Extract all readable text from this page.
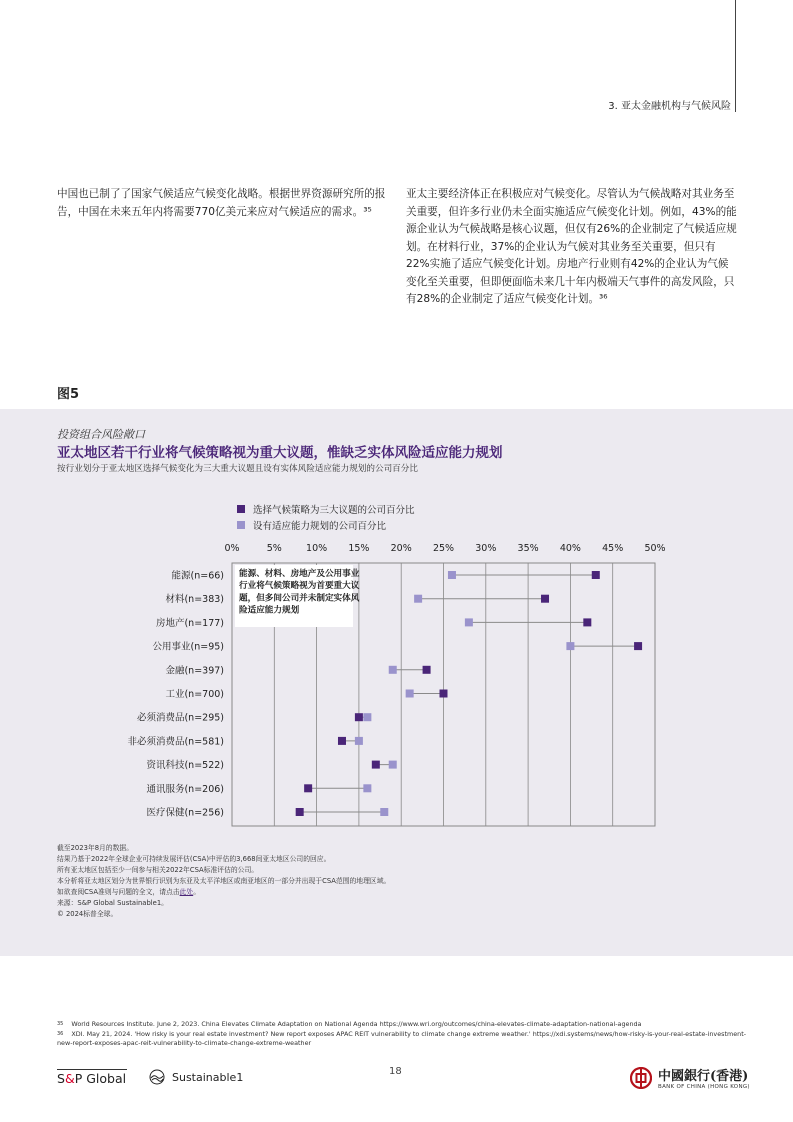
3. 亚太金融机构与气候风险
中国也已制了了国家气候适应气候变化战略。根据世界资源研究所的报告，中国在未来五年内将需要770亿美元来应对气候适应的需求。³⁵
亚太主要经济体正在积极应对气候变化。尽管认为气候战略对其业务至关重要，但许多行业仍未全面实施适应气候变化计划。例如，43%的能源企业认为气候战略是核心议题，但仅有26%的企业制定了气候适应规划。在材料行业，37%的企业认为气候对其业务至关重要，但只有22%实施了适应气候变化计划。房地产行业则有42%的企业认为气候变化至关重要，但即便面临未来几十年内极端天气事件的高发风险，只有28%的企业制定了适应气候变化计划。³⁶
图5
投资组合风险敞口
亚太地区若干行业将气候策略视为重大议题，惟缺乏实体风险适应能力规划
按行业划分于亚太地区选择气候变化为三大重大议题且设有实体风险适应能力规划的公司百分比
选择气候策略为三大议题的公司百分比
设有适应能力规划的公司百分比
0%	5%	10% 15% 20% 25% 30% 35% 40% 45% 50%
能源(n=66)
材料(n=383)
房地产(n=177)
公用事业(n=95)
金融(n=397)
工业(n=700)
必须消费品(n=295)
非必须消费品(n=581)
资讯科技(n=522)
通讯服务(n=206)
医疗保健(n=256)
能源、材料、房地产及公用事业
行业将气候策略视为首要重大议
题，但多间公司并未制定实体风
险适应能力规划
截至2023年8月的数据。
结果乃基于2022年全球企业可持续发展评估(CSA)中评估的3,668间亚太地区公司的回应。
所有亚太地区包括至少一间参与相关2022年CSA标准评估的公司。
本分析将亚太地区划分为世界银行识别为东亚及太平洋地区或南亚地区的一部分并出现于CSA范围的地理区域。
如欲查阅CSA准则与问题的全文，请点击此处。
来源：S&P Global Sustainable1。
© 2024标普全球。
$^{35}$ World Resources Institute. June 2, 2023. China Elevates Climate Adaptation on National Agenda https://www.wri.org/outcomes/china-elevates-climate-adaptation-national-agenda
$^{36}$ XDI. May 21, 2024. 'How risky is your real estate investment? New report exposes APAC REIT vulnerability to climate change extreme weather.' https://xdi.systems/news/how-risky-is-your-real-estate-investment-new-report-exposes-apac-reit-vulnerability-to-climate-change-extreme-weather
S&P Global	Sustainable1	18	中國銀行(香港)
BANK OF CHINA (HONG KONG)
